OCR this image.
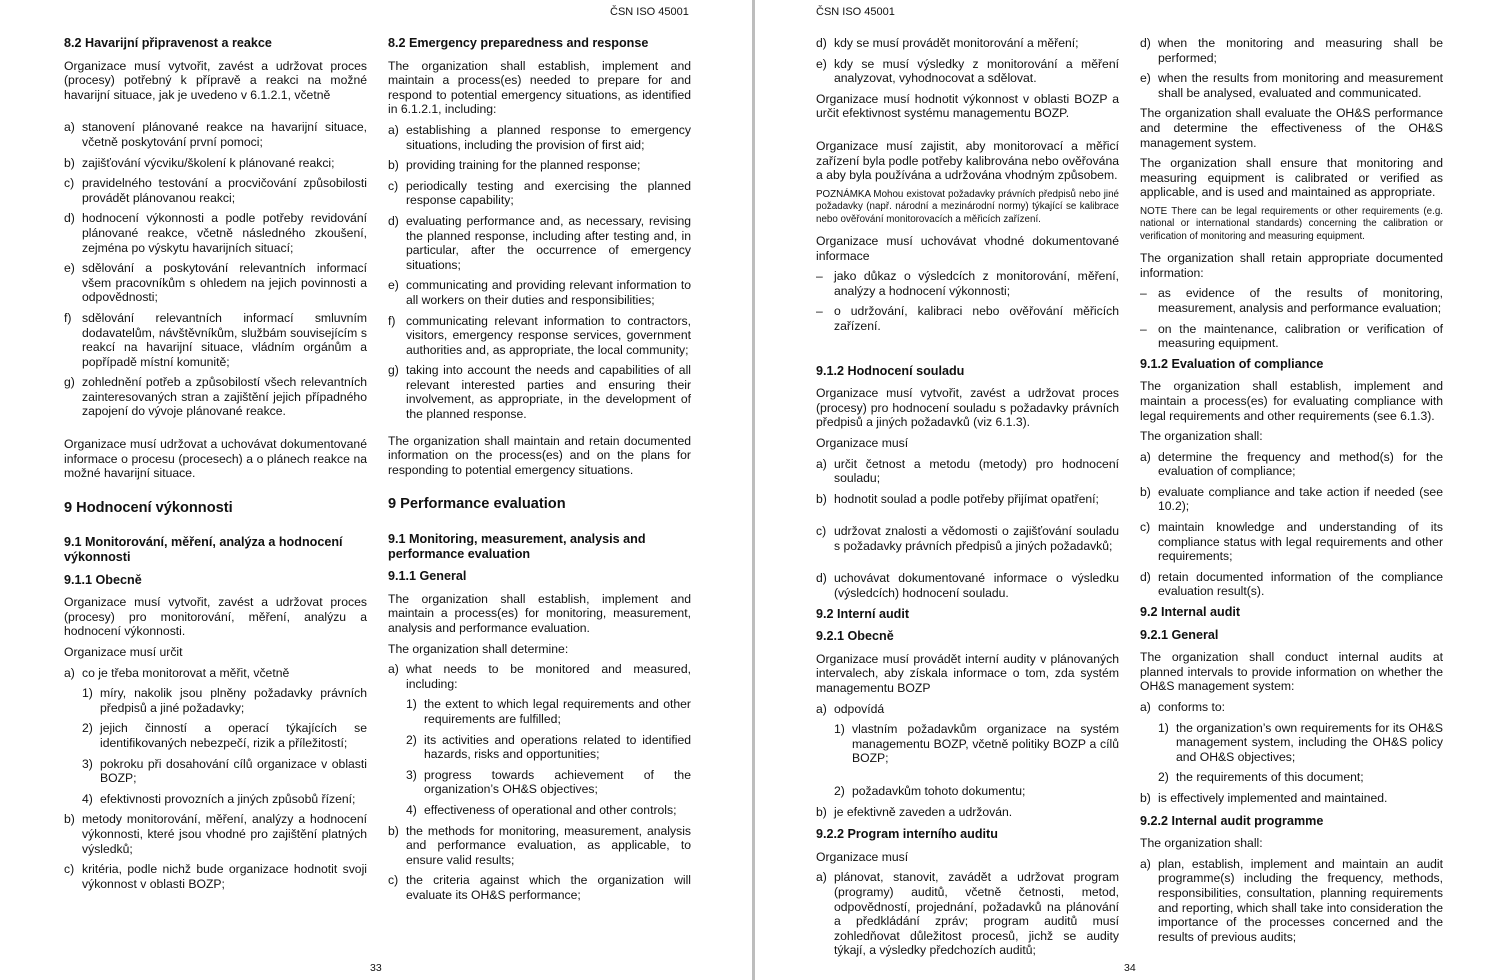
ČSN ISO 45001
8.2 Havarijní připravenost a reakce

Organizace musí vytvořit, zavést a udržovat proces (procesy) potřebný k přípravě a reakci na možné havarijní situace, jak je uvedeno v 6.1.2.1, včetně

a) stanovení plánované reakce na havarijní situace, včetně poskytování první pomoci;
b) zajišťování výcviku/školení k plánované reakci;
c) pravidelného testování a procvičování způsobilosti provádět plánovanou reakci;
d) hodnocení výkonnosti a podle potřeby revidování plánované reakce, včetně následného zkoušení, zejména po výskytu havarijních situací;
e) sdělování a poskytování relevantních informací všem pracovníkům s ohledem na jejich povinnosti a odpovědnosti;
f) sdělování relevantních informací smluvním dodavatelům, návštěvníkům, službám souvisejícím s reakcí na havarijní situace, vládním orgánům a popřípadě místní komunitě;
g) zohlednění potřeb a způsobilostí všech relevantních zainteresovaných stran a zajištění jejich případného zapojení do vývoje plánované reakce.

Organizace musí udržovat a uchovávat dokumentované informace o procesu (procesech) a o plánech reakce na možné havarijní situace.

9 Hodnocení výkonnosti
9.1 Monitorování, měření, analýza a hodnocení výkonnosti
9.1.1 Obecně

Organizace musí vytvořit, zavést a udržovat proces (procesy) pro monitorování, měření, analýzu a hodnocení výkonnosti.

Organizace musí určit

a) co je třeba monitorovat a měřit, včetně
1) míry, nakolik jsou plněny požadavky právních předpisů a jiné požadavky;
2) jejich činností a operací týkajících se identifikovaných nebezpečí, rizik a příležitostí;
3) pokroku při dosahování cílů organizace v oblasti BOZP;
4) efektivnosti provozních a jiných způsobů řízení;
b) metody monitorování, měření, analýzy a hodnocení výkonnosti, které jsou vhodné pro zajištění platných výsledků;
c) kritéria, podle nichž bude organizace hodnotit svoji výkonnost v oblasti BOZP;
8.2 Emergency preparedness and response

The organization shall establish, implement and maintain a process(es) needed to prepare for and respond to potential emergency situations, as identified in 6.1.2.1, including:

a) establishing a planned response to emergency situations, including the provision of first aid;
b) providing training for the planned response;
c) periodically testing and exercising the planned response capability;
d) evaluating performance and, as necessary, revising the planned response, including after testing and, in particular, after the occurrence of emergency situations;
e) communicating and providing relevant information to all workers on their duties and responsibilities;
f) communicating relevant information to contractors, visitors, emergency response services, government authorities and, as appropriate, the local community;
g) taking into account the needs and capabilities of all relevant interested parties and ensuring their involvement, as appropriate, in the development of the planned response.

The organization shall maintain and retain documented information on the process(es) and on the plans for responding to potential emergency situations.

9 Performance evaluation
9.1 Monitoring, measurement, analysis and performance evaluation
9.1.1 General

The organization shall establish, implement and maintain a process(es) for monitoring, measurement, analysis and performance evaluation.

The organization shall determine:

a) what needs to be monitored and measured, including:
1) the extent to which legal requirements and other requirements are fulfilled;
2) its activities and operations related to identified hazards, risks and opportunities;
3) progress towards achievement of the organization’s OH&S objectives;
4) effectiveness of operational and other controls;
b) the methods for monitoring, measurement, analysis and performance evaluation, as applicable, to ensure valid results;
c) the criteria against which the organization will evaluate its OH&S performance;
33
ČSN ISO 45001
d) kdy se musí provádět monitorování a měření;
e) kdy se musí výsledky z monitorování a měření analyzovat, vyhodnocovat a sdělovat.

Organizace musí hodnotit výkonnost v oblasti BOZP a určit efektivnost systému managementu BOZP.

Organizace musí zajistit, aby monitorovací a měřicí zařízení byla podle potřeby kalibrována nebo ověřována a aby byla používána a udržována vhodným způsobem.

POZNÁMKA Mohou existovat požadavky právních předpisů nebo jiné požadavky (např. národní a mezinárodní normy) týkající se kalibrace nebo ověřování monitorovacích a měřicích zařízení.

Organizace musí uchovávat vhodné dokumentované informace

– jako důkaz o výsledcích z monitorování, měření, analýzy a hodnocení výkonnosti;
– o udržování, kalibraci nebo ověřování měřicích zařízení.
9.1.2 Hodnocení souladu

Organizace musí vytvořit, zavést a udržovat proces (procesy) pro hodnocení souladu s požadavky právních předpisů a jiných požadavků (viz 6.1.3).

Organizace musí

a) určit četnost a metodu (metody) pro hodnocení souladu;
b) hodnotit soulad a podle potřeby přijímat opatření;
c) udržovat znalosti a vědomosti o zajišťování souladu s požadavky právních předpisů a jiných požadavků;
d) uchovávat dokumentované informace o výsledku (výsledcích) hodnocení souladu.
9.2 Interní audit
9.2.1 Obecně

Organizace musí provádět interní audity v plánovaných intervalech, aby získala informace o tom, zda systém managementu BOZP

a) odpovídá
1) vlastním požadavkům organizace na systém managementu BOZP, včetně politiky BOZP a cílů BOZP;
2) požadavkům tohoto dokumentu;
b) je efektivně zaveden a udržován.
9.2.2 Program interního auditu

Organizace musí

a) plánovat, stanovit, zavádět a udržovat program (programy) auditů, včetně četnosti, metod, odpovědností, projednání, požadavků na plánování a předkládání zpráv; program auditů musí zohledňovat důležitost procesů, jichž se audity týkají, a výsledky předchozích auditů;
d) when the monitoring and measuring shall be performed;
e) when the results from monitoring and measurement shall be analysed, evaluated and communicated.

The organization shall evaluate the OH&S performance and determine the effectiveness of the OH&S management system.

The organization shall ensure that monitoring and measuring equipment is calibrated or verified as applicable, and is used and maintained as appropriate.

NOTE There can be legal requirements or other requirements (e.g. national or international standards) concerning the calibration or verification of monitoring and measuring equipment.

The organization shall retain appropriate documented information:

– as evidence of the results of monitoring, measurement, analysis and performance evaluation;
– on the maintenance, calibration or verification of measuring equipment.
9.1.2 Evaluation of compliance

The organization shall establish, implement and maintain a process(es) for evaluating compliance with legal requirements and other requirements (see 6.1.3).

The organization shall:

a) determine the frequency and method(s) for the evaluation of compliance;
b) evaluate compliance and take action if needed (see 10.2);
c) maintain knowledge and understanding of its compliance status with legal requirements and other requirements;
d) retain documented information of the compliance evaluation result(s).
9.2 Internal audit
9.2.1 General

The organization shall conduct internal audits at planned intervals to provide information on whether the OH&S management system:

a) conforms to:
1) the organization’s own requirements for its OH&S management system, including the OH&S policy and OH&S objectives;
2) the requirements of this document;
b) is effectively implemented and maintained.
9.2.2 Internal audit programme

The organization shall:

a) plan, establish, implement and maintain an audit programme(s) including the frequency, methods, responsibilities, consultation, planning requirements and reporting, which shall take into consideration the importance of the processes concerned and the results of previous audits;
34
